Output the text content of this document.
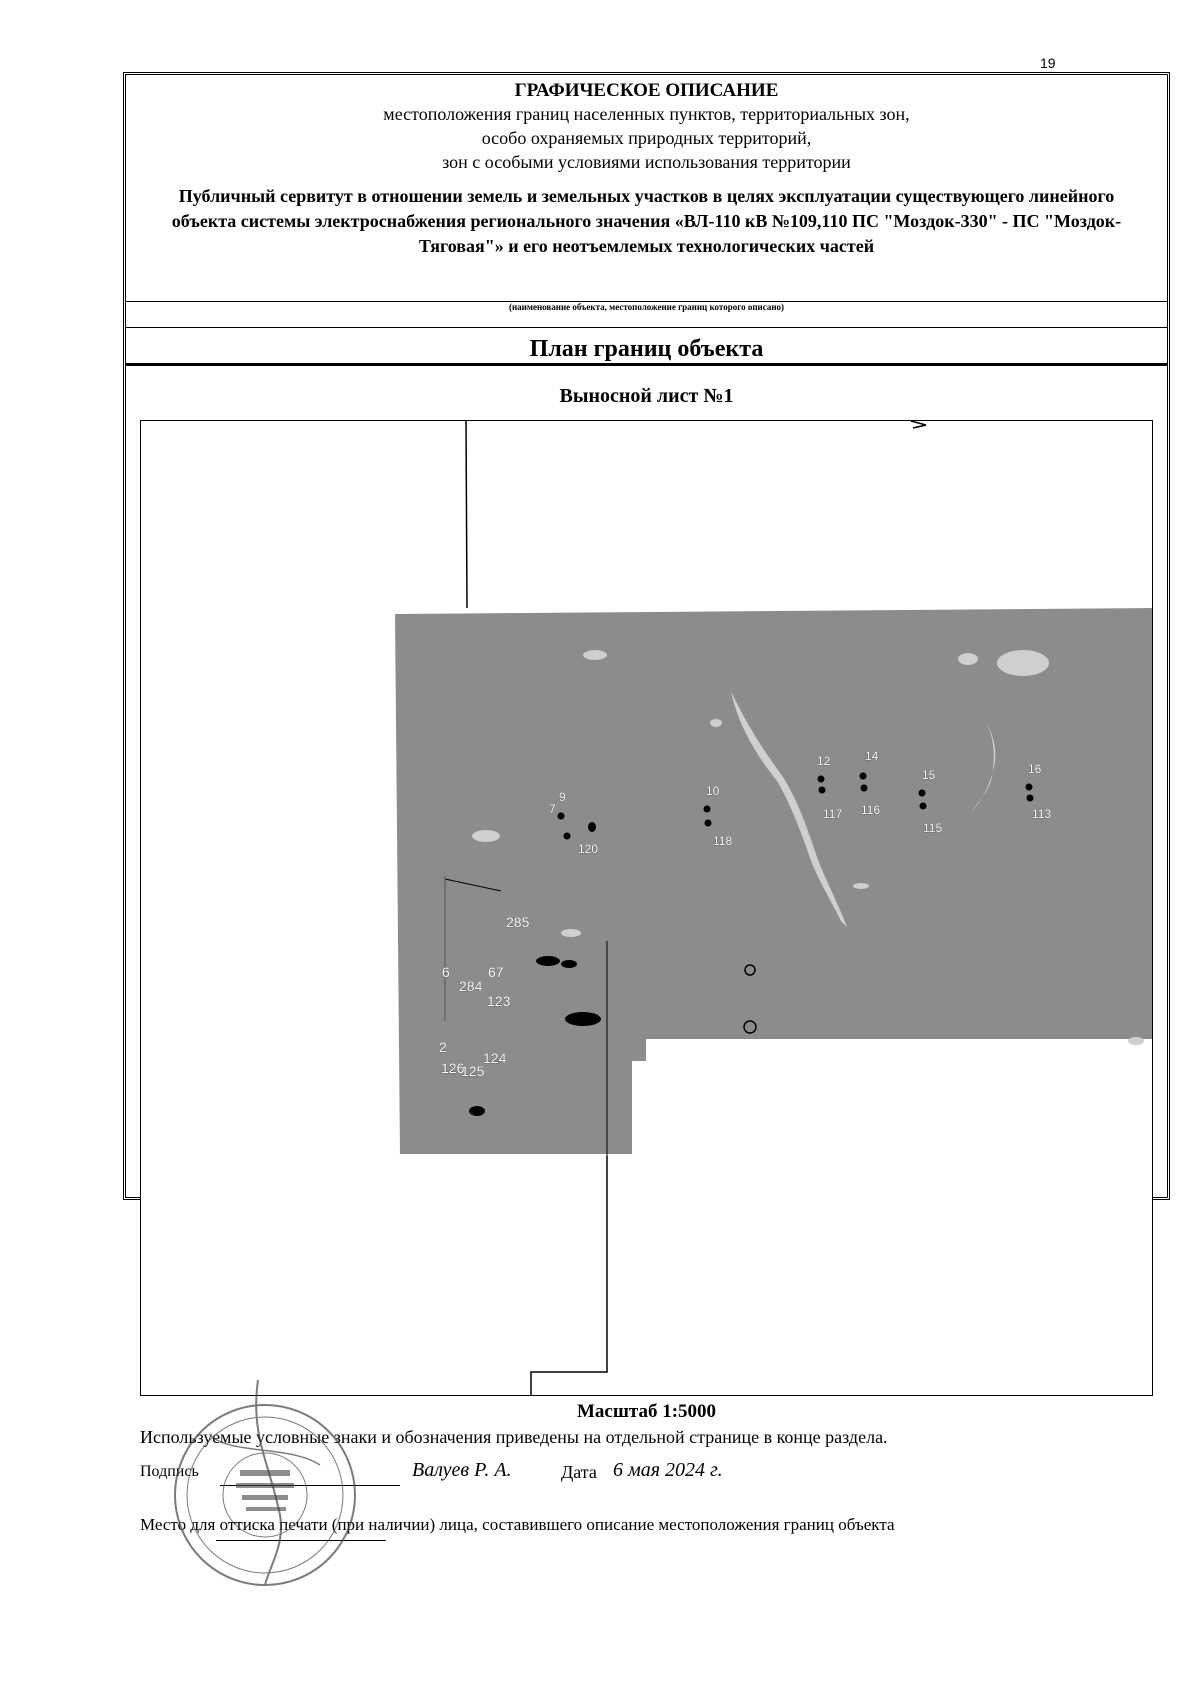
19
ГРАФИЧЕСКОЕ ОПИСАНИЕ
местоположения границ населенных пунктов, территориальных зон,
особо охраняемых природных территорий,
зон с особыми условиями использования территории
Публичный сервитут в отношении земель и земельных участков в целях эксплуатации существующего линейного объекта системы электроснабжения регионального значения «ВЛ-110 кВ №109,110 ПС "Моздок-330" - ПС "Моздок-Тяговая"» и его неотъемлемых технологических частей
(наименование объекта, местоположение границ которого описано)
План границ объекта
Выносной лист №1
12	14
10
15	16
9
7	117 116
118
115
113
120
285
6	67
284
123
2
124
126
125
Масштаб 1:5000
Используемые условные знаки и обозначения приведены на отдельной странице в конце раздела.
Подпись	Валуев Р. А.	Дата 6 мая 2024 г.
Место для оттиска печати (при наличии) лица, составившего описание местоположения границ объекта
